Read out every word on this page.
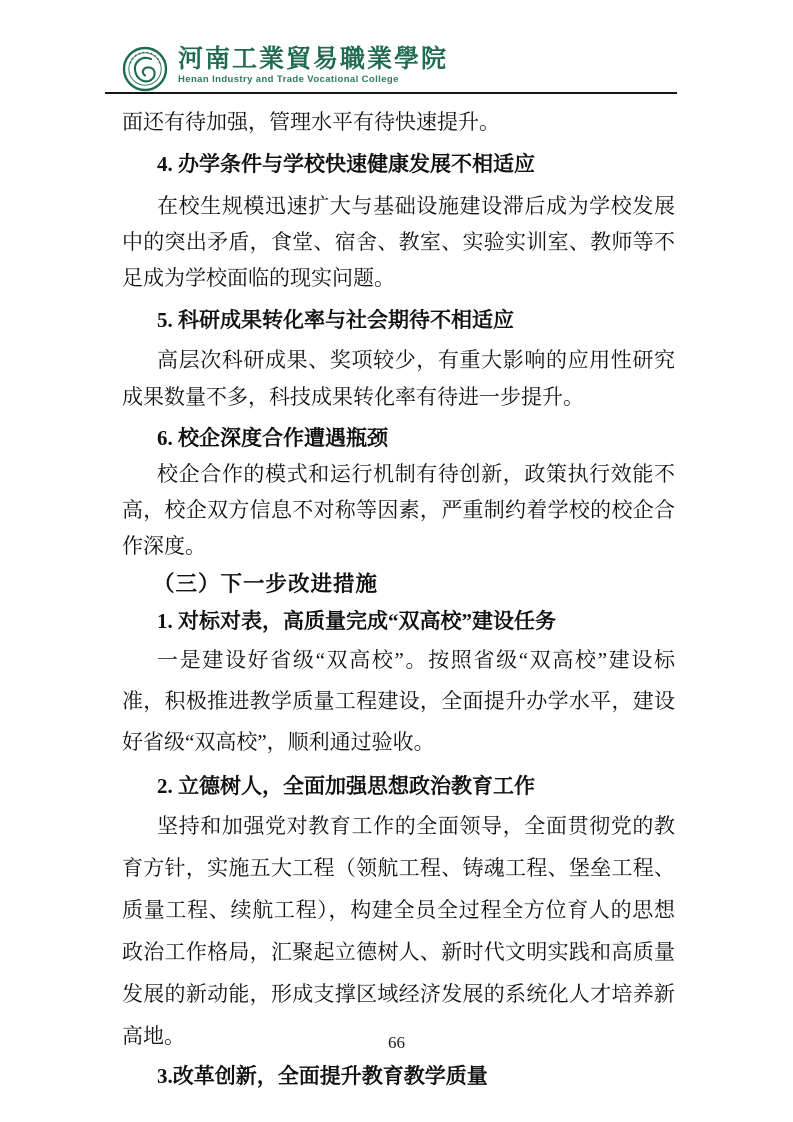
河南工業貿易職業學院
Henan Industry and Trade Vocational College

面还有待加强，管理水平有待快速提升。

4. 办学条件与学校快速健康发展不相适应

在校生规模迅速扩大与基础设施建设滞后成为学校发展中的突出矛盾，食堂、宿舍、教室、实验实训室、教师等不足成为学校面临的现实问题。

5. 科研成果转化率与社会期待不相适应

高层次科研成果、奖项较少，有重大影响的应用性研究成果数量不多，科技成果转化率有待进一步提升。

6. 校企深度合作遭遇瓶颈

校企合作的模式和运行机制有待创新，政策执行效能不高，校企双方信息不对称等因素，严重制约着学校的校企合作深度。

（三）下一步改进措施

1. 对标对表，高质量完成“双高校”建设任务

一是建设好省级“双高校”。按照省级“双高校”建设标准，积极推进教学质量工程建设，全面提升办学水平，建设好省级“双高校”，顺利通过验收。

2. 立德树人，全面加强思想政治教育工作

坚持和加强党对教育工作的全面领导，全面贯彻党的教育方针，实施五大工程（领航工程、铸魂工程、堡垒工程、质量工程、续航工程），构建全员全过程全方位育人的思想政治工作格局，汇聚起立德树人、新时代文明实践和高质量发展的新动能，形成支撑区域经济发展的系统化人才培养新高地。

3.改革创新，全面提升教育教学质量

66
